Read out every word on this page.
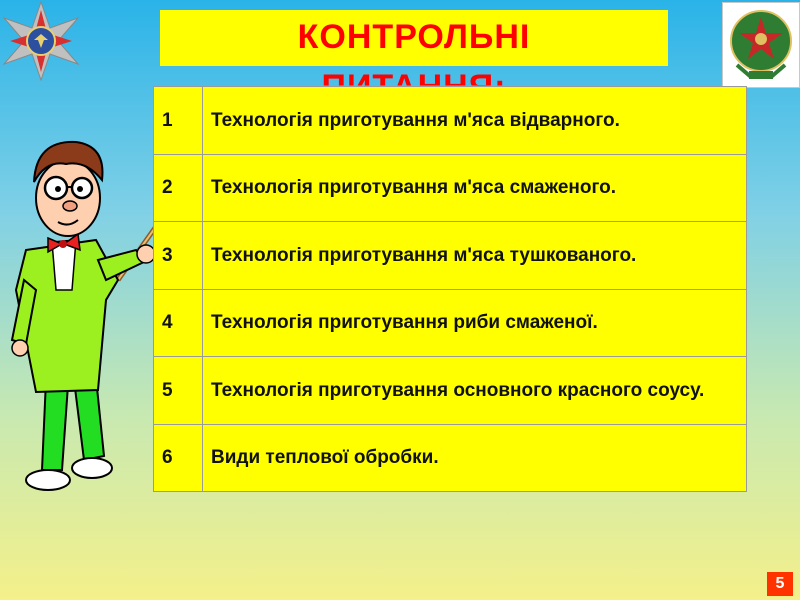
КОНТРОЛЬНІ
1	Технологія приготування м'яса відварного.
2	Технологія приготування м'яса смаженого.
3	Технологія приготування м'яса тушкованого.
4	Технологія приготування риби смаженої.
5	Технологія приготування основного красного соусу.
6	Види теплової обробки.
5
